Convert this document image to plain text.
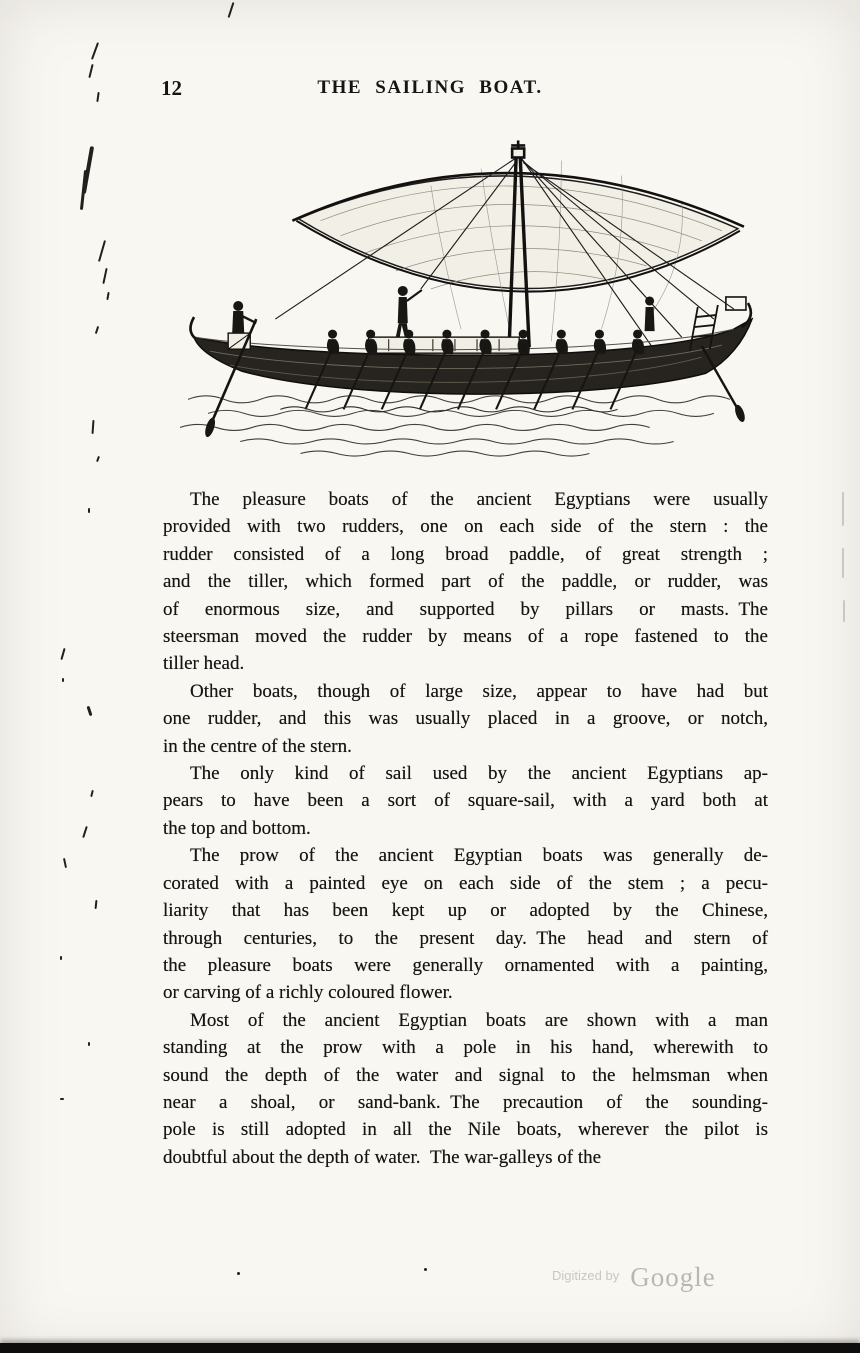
12	THE SAILING BOAT.
The pleasure boats of the ancient Egyptians were usually
provided with two rudders, one on each side of the stern : the
rudder consisted of a long broad paddle, of great strength ;
and the tiller, which formed part of the paddle, or rudder, was
of enormous size, and supported by pillars or masts. The
steersman moved the rudder by means of a rope fastened to the
tiller head.
Other boats, though of large size, appear to have had but
one rudder, and this was usually placed in a groove, or notch,
in the centre of the stern.
The only kind of sail used by the ancient Egyptians ap-
pears to have been a sort of square-sail, with a yard both at
the top and bottom.
The prow of the ancient Egyptian boats was generally de-
corated with a painted eye on each side of the stem ; a pecu-
liarity that has been kept up or adopted by the Chinese,
through centuries, to the present day. The head and stern of
the pleasure boats were generally ornamented with a painting,
or carving of a richly coloured flower.
Most of the ancient Egyptian boats are shown with a man
standing at the prow with a pole in his hand, wherewith to
sound the depth of the water and signal to the helmsman when
near a shoal, or sand-bank. The precaution of the sounding-
pole is still adopted in all the Nile boats, wherever the pilot is
doubtful about the depth of water. The war-galleys of the
$^{Digitized by}$ Google
